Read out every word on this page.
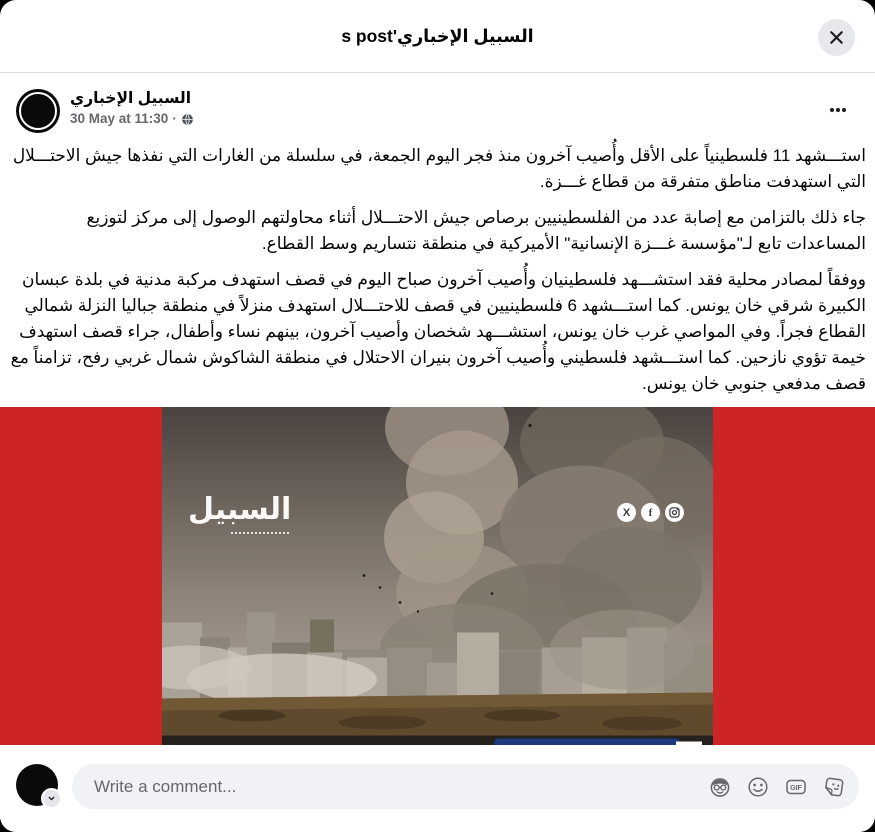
السبيل الإخباري's post
السبيل الإخباري
30 May at 11:30 ·

استـــشهد 11 فلسطينياً على الأقل وأُصيب آخرون منذ فجر اليوم الجمعة، في سلسلة من الغارات التي نفذها جيش الاحتـــلال التي استهدفت مناطق متفرقة من قطاع غـــزة.

جاء ذلك بالتزامن مع إصابة عدد من الفلسطينيين برصاص جيش الاحتـــلال أثناء محاولتهم الوصول إلى مركز لتوزيع المساعدات تابع لـ"مؤسسة غـــزة الإنسانية" الأميركية في منطقة نتساريم وسط القطاع.

ووفقاً لمصادر محلية فقد استشـــهد فلسطينيان وأُصيب آخرون صباح اليوم في قصف استهدف مركبة مدنية في بلدة عبسان الكبيرة شرقي خان يونس. كما استـــشهد 6 فلسطينيين في قصف للاحتـــلال استهدف منزلاً في منطقة جباليا النزلة شمالي القطاع فجراً. وفي المواصي غرب خان يونس، استشـــهد شخصان وأصيب آخرون، بينهم نساء وأطفال، جراء قصف استهدف خيمة تؤوي نازحين. كما استـــشهد فلسطيني وأُصيب آخرون بنيران الاحتلال في منطقة الشاكوش شمال غربي رفح، تزامناً مع قصف مدفعي جنوبي خان يونس.

السبيل	X	f
Write a comment...
GIF
